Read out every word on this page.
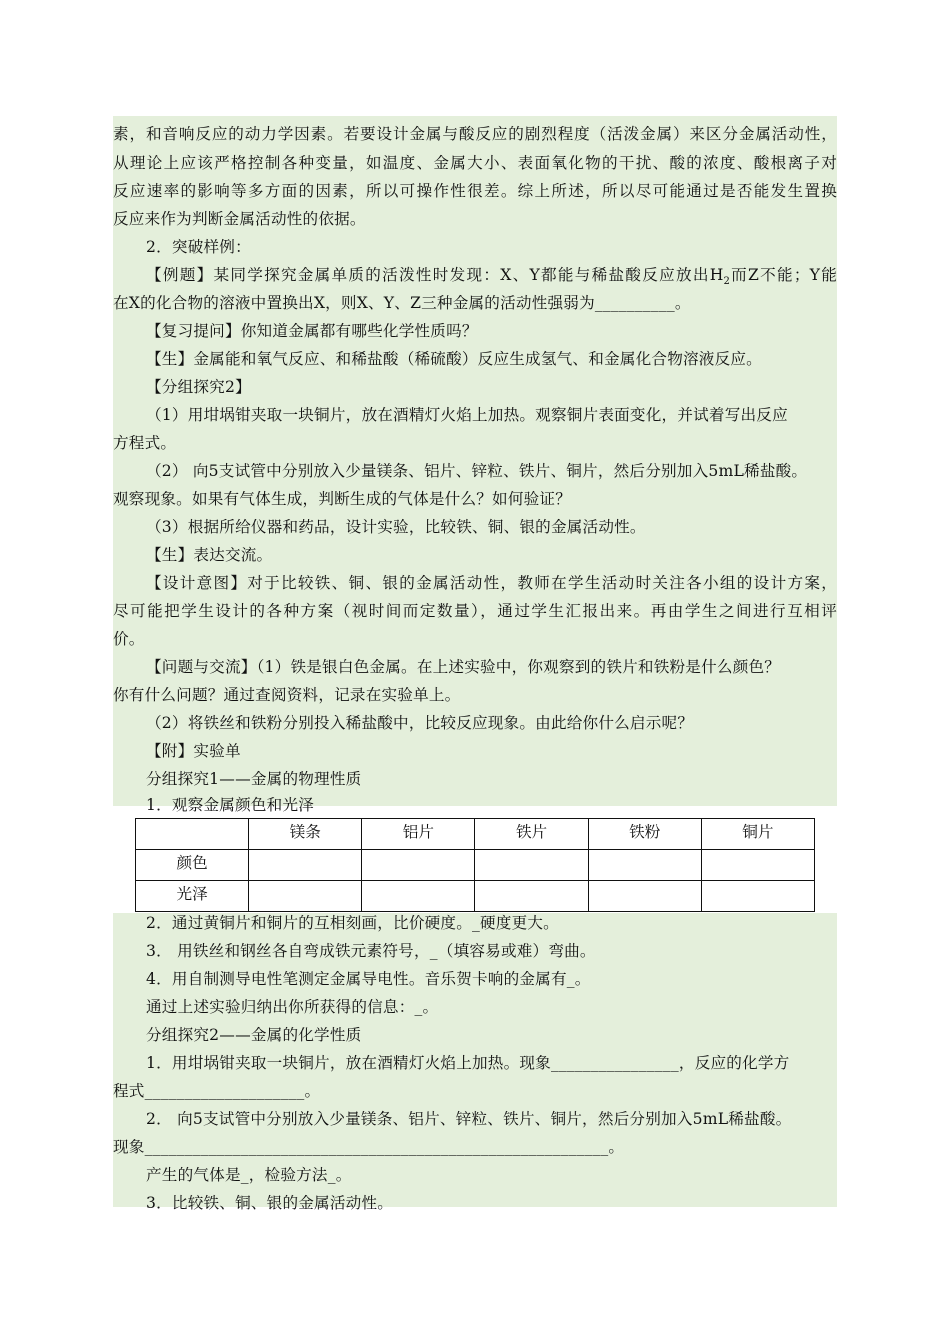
素，和音响反应的动力学因素。若要设计金属与酸反应的剧烈程度（活泼金属）来区分金属活动性，
从理论上应该严格控制各种变量，如温度、金属大小、表面氧化物的干扰、酸的浓度、酸根离子对
反应速率的影响等多方面的因素，所以可操作性很差。综上所述，所以尽可能通过是否能发生置换
反应来作为判断金属活动性的依据。
2．突破样例：
【例题】某同学探究金属单质的活泼性时发现：X、Y都能与稀盐酸反应放出$H_2$而Z不能；Y能
在X的化合物的溶液中置换出X，则X、Y、Z三种金属的活动性强弱为__________。
【复习提问】你知道金属都有哪些化学性质吗？
【生】金属能和氧气反应、和稀盐酸（稀硫酸）反应生成氢气、和金属化合物溶液反应。
【分组探究2】
（1）用坩埚钳夹取一块铜片，放在酒精灯火焰上加热。观察铜片表面变化，并试着写出反应
方程式。
（2） 向5支试管中分别放入少量镁条、铝片、锌粒、铁片、铜片，然后分别加入5mL稀盐酸。
观察现象。如果有气体生成，判断生成的气体是什么？如何验证？
（3）根据所给仪器和药品，设计实验，比较铁、铜、银的金属活动性。
【生】表达交流。
【设计意图】对于比较铁、铜、银的金属活动性，教师在学生活动时关注各小组的设计方案，
尽可能把学生设计的各种方案（视时间而定数量），通过学生汇报出来。再由学生之间进行互相评
价。
【问题与交流】（1）铁是银白色金属。在上述实验中，你观察到的铁片和铁粉是什么颜色？
你有什么问题？通过查阅资料，记录在实验单上。
（2）将铁丝和铁粉分别投入稀盐酸中，比较反应现象。由此给你什么启示呢？
【附】实验单
分组探究1——金属的物理性质
1．观察金属颜色和光泽
	镁条	铝片	铁片	铁粉	铜片
颜色					
光泽					
2．通过黄铜片和铜片的互相刻画，比价硬度。_硬度更大。
3． 用铁丝和钢丝各自弯成铁元素符号，_（填容易或难）弯曲。
4．用自制测导电性笔测定金属导电性。音乐贺卡响的金属有_。
通过上述实验归纳出你所获得的信息：_。
分组探究2——金属的化学性质
1．用坩埚钳夹取一块铜片，放在酒精灯火焰上加热。现象________________，反应的化学方
程式____________________。
2． 向5支试管中分别放入少量镁条、铝片、锌粒、铁片、铜片，然后分别加入5mL稀盐酸。
现象__________________________________________________________。
产生的气体是_，检验方法_。
3．比较铁、铜、银的金属活动性。
